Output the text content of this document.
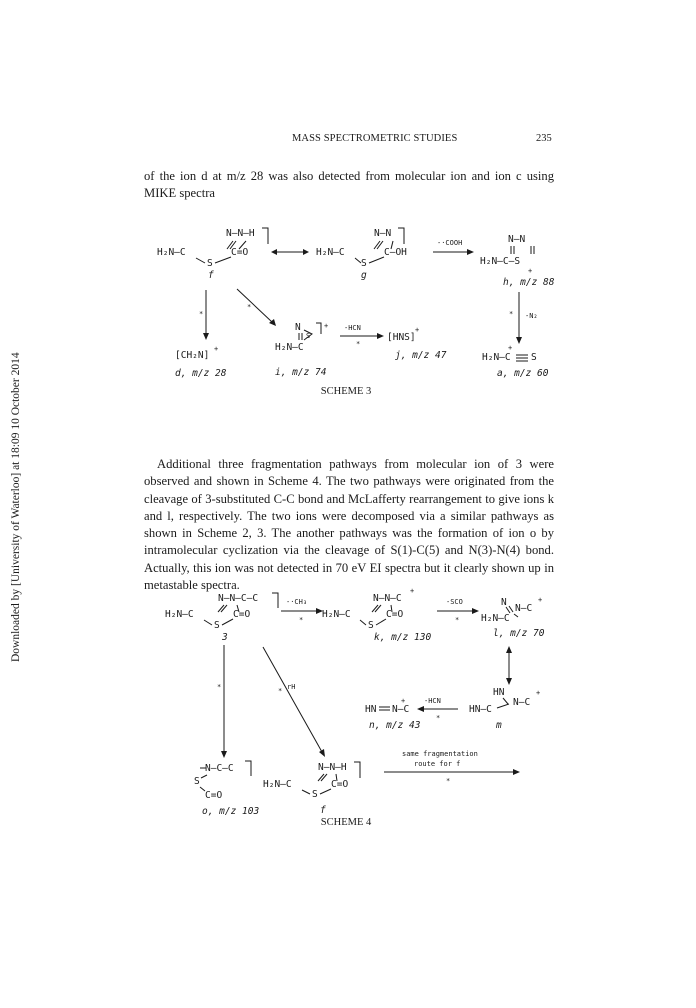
MASS SPECTROMETRIC STUDIES	235
Downloaded by [University of Waterloo] at 18:09 10 October 2014
of the ion d at m/z 28 was also detected from molecular ion and ion c using MIKE spectra
Additional three fragmentation pathways from molecular ion of 3 were observed and shown in Scheme 4. The two pathways were originated from the cleavage of 3-substituted C-C bond and McLafferty rearrangement to give ions k and l, respectively. The two ions were decomposed via a similar pathways as shown in Scheme 2, 3. The another pathways was the formation of ion o by intramolecular cyclization via the cleavage of S(1)-C(5) and N(3)-N(4) bond. Actually, this ion was not detected in 70 eV EI spectra but it clearly shown up in metastable spectra.
SCHEME 3
SCHEME 4
N—N—H
H₂N—C	C=O
S
f
N—N
H₂N—C	C—OH
S
g
-·COOH	N—N
H₂N—C—S
+
h, m/z 88
*
*
[CH₂N]
+
d, m/z 28
N
S
H₂N—C
+
i, m/z 74
-HCN
*
[HNS]
+
j, m/z 47
* -N₂
H₂N—C S
+
a, m/z 60
N—N—C—C
H₂N—C	C=O
S
3
-·CH₃
*
N—N—C
+
H₂N—C	C=O
S
k, m/z 130
-SCO
*
N
N—C
+
H₂N—C
l, m/z 70
HN
HN—C
N—C
+
m
-HCN
*
HN N—C
+
n, m/z 43
*	rH
*
N—C—C
S
C=O
o, m/z 103
N—N—H
H₂N—C	C=O
S
f
same fragmentation
route for f
*
